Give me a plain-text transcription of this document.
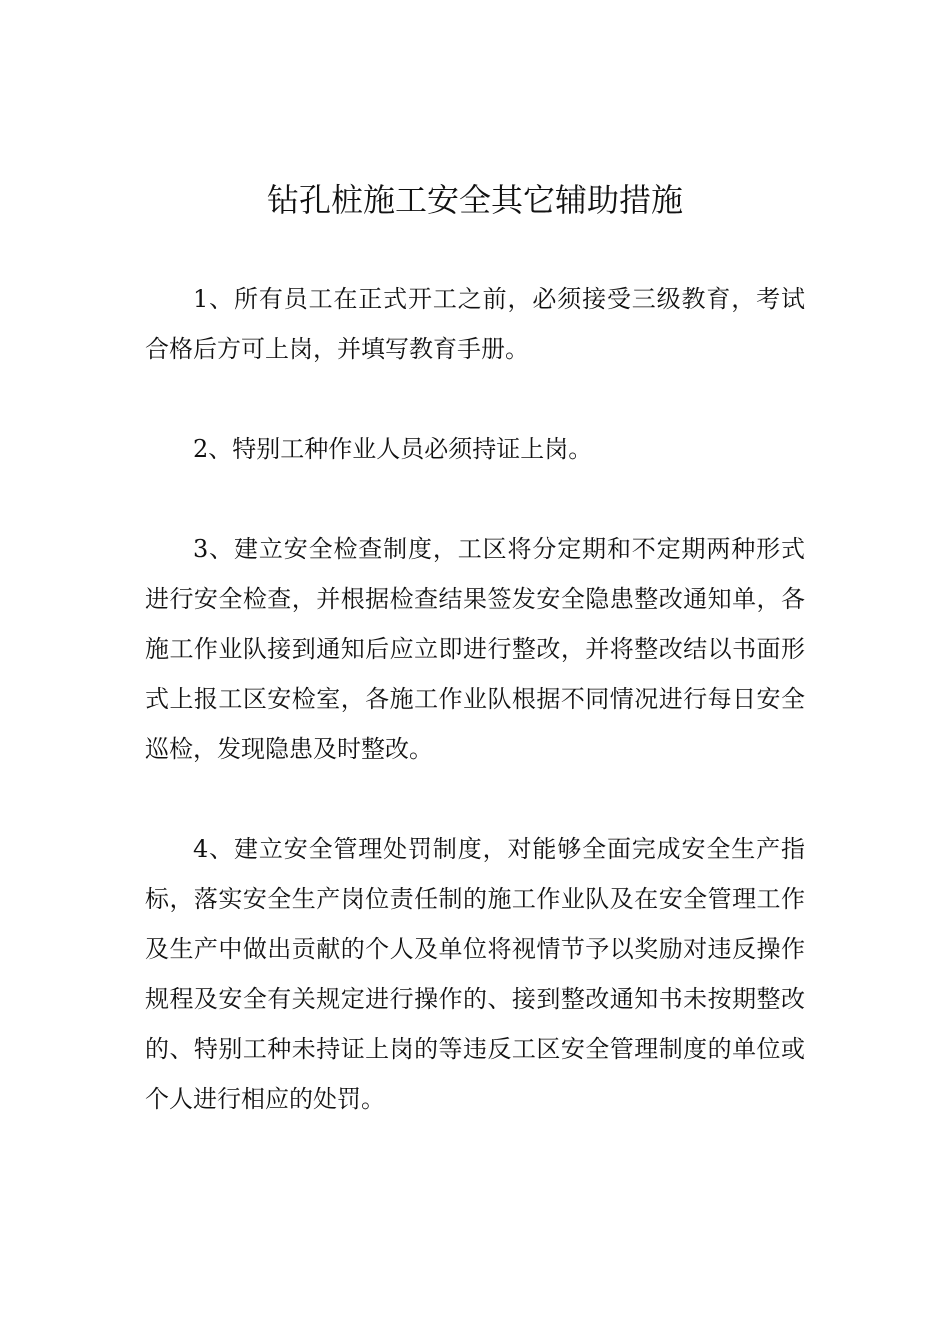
钻孔桩施工安全其它辅助措施

1、所有员工在正式开工之前，必须接受三级教育，考试合格后方可上岗，并填写教育手册。

2、特别工种作业人员必须持证上岗。

3、建立安全检查制度，工区将分定期和不定期两种形式进行安全检查，并根据检查结果签发安全隐患整改通知单，各施工作业队接到通知后应立即进行整改，并将整改结以书面形式上报工区安检室，各施工作业队根据不同情况进行每日安全巡检，发现隐患及时整改。

4、建立安全管理处罚制度，对能够全面完成安全生产指标，落实安全生产岗位责任制的施工作业队及在安全管理工作及生产中做出贡献的个人及单位将视情节予以奖励对违反操作规程及安全有关规定进行操作的、接到整改通知书未按期整改的、特别工种未持证上岗的等违反工区安全管理制度的单位或个人进行相应的处罚。
